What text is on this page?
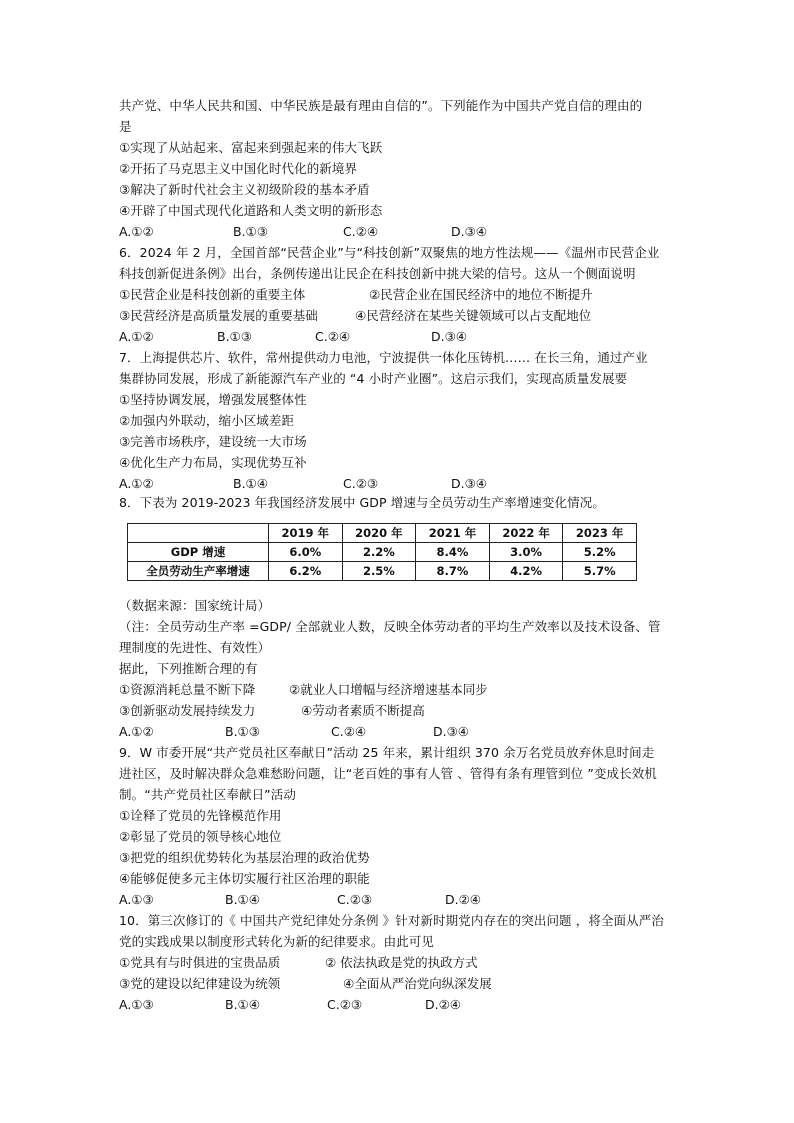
共产党、中华人民共和国、中华民族是最有理由自信的”。下列能作为中国共产党自信的理由的
是
①实现了从站起来、富起来到强起来的伟大飞跃
②开拓了马克思主义中国化时代化的新境界
③解决了新时代社会主义初级阶段的基本矛盾
④开辟了中国式现代化道路和人类文明的新形态
A.①②	B.①③	C.②④	D.③④
6．2024 年 2 月，全国首部“民营企业”与“科技创新”双聚焦的地方性法规——《温州市民营企业
科技创新促进条例》出台，条例传递出让民企在科技创新中挑大梁的信号。这从一个侧面说明
①民营企业是科技创新的重要主体	②民营企业在国民经济中的地位不断提升
③民营经济是高质量发展的重要基础	④民营经济在某些关键领域可以占支配地位
A.①②	B.①③	C.②④	D.③④
7．上海提供芯片、软件，常州提供动力电池，宁波提供一体化压铸机…… 在长三角，通过产业
集群协同发展，形成了新能源汽车产业的 “4 小时产业圈”。这启示我们，实现高质量发展要
①坚持协调发展，增强发展整体性
②加强内外联动，缩小区域差距
③完善市场秩序，建设统一大市场
④优化生产力布局，实现优势互补
A.①②	B.①④	C.②③	D.③④
8．下表为 2019-2023 年我国经济发展中 GDP 增速与全员劳动生产率增速变化情况。
	2019 年	2020 年	2021 年	2022 年	2023 年
GDP 增速	6.0%	2.2%	8.4%	3.0%	5.2%
全员劳动生产率增速	6.2%	2.5%	8.7%	4.2%	5.7%
（数据来源：国家统计局）
（注：全员劳动生产率 =GDP/ 全部就业人数，反映全体劳动者的平均生产效率以及技术设备、管
理制度的先进性、有效性）
据此，下列推断合理的有
①资源消耗总量不断下降	②就业人口增幅与经济增速基本同步
③创新驱动发展持续发力	④劳动者素质不断提高
A.①②	B.①③	C.②④	D.③④
9．W 市委开展“共产党员社区奉献日”活动 25 年来，累计组织 370 余万名党员放弃休息时间走
进社区，及时解决群众急难愁盼问题，让“老百姓的事有人管 、管得有条有理管到位 ”变成长效机
制。“共产党员社区奉献日”活动
①诠释了党员的先锋模范作用
②彰显了党员的领导核心地位
③把党的组织优势转化为基层治理的政治优势
④能够促使多元主体切实履行社区治理的职能
A.①③	B.①④	C.②③	D.②④
10．第三次修订的《 中国共产党纪律处分条例 》针对新时期党内存在的突出问题 ，将全面从严治
党的实践成果以制度形式转化为新的纪律要求。由此可见
①党具有与时俱进的宝贵品质	② 依法执政是党的执政方式
③党的建设以纪律建设为统领	④全面从严治党向纵深发展
A.①③	B.①④	C.②③	D.②④
